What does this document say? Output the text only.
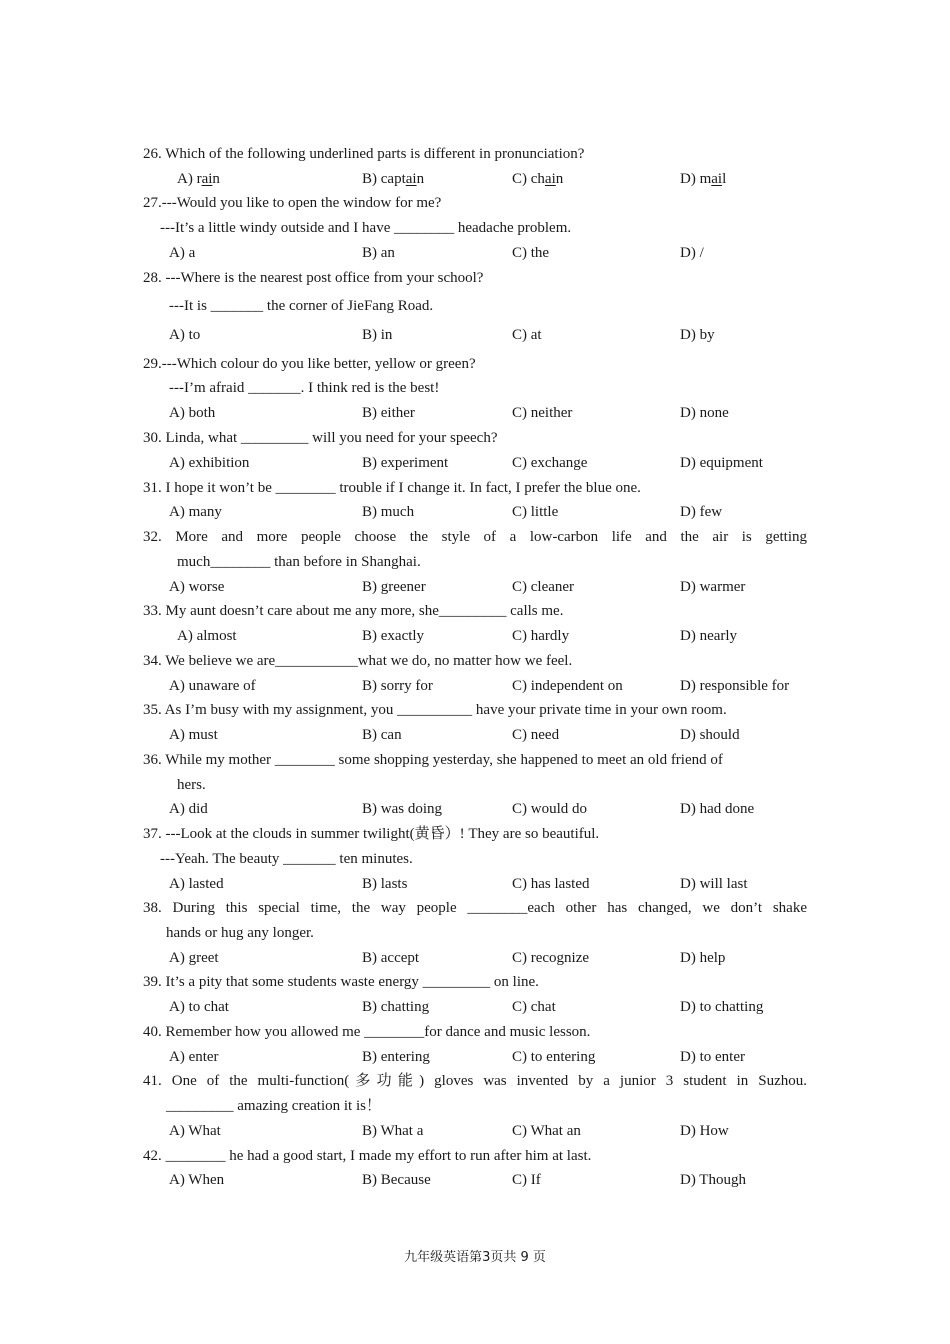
26. Which of the following underlined parts is different in pronunciation?
A) rain	B) captain	C) chain	D) mail
27.---Would you like to open the window for me?
---It’s a little windy outside and I have ________ headache problem.
A) a	B) an	C) the	D) /
28. ---Where is the nearest post office from your school?
---It is _______ the corner of JieFang Road.
A) to	B) in	C) at	D) by
29.---Which colour do you like better, yellow or green?
---I’m afraid _______. I think red is the best!
A) both	B) either	C) neither	D) none
30. Linda, what _________ will you need for your speech?
A) exhibition	B) experiment	C) exchange	D) equipment
31. I hope it won’t be ________ trouble if I change it. In fact, I prefer the blue one.
A) many	B) much	C) little	D) few
32. More and more people choose the style of a low-carbon life and the air is getting
much________ than before in Shanghai.
A) worse	B) greener	C) cleaner	D) warmer
33. My aunt doesn’t care about me any more, she_________ calls me.
A) almost	B) exactly	C) hardly	D) nearly
34. We believe we are___________what we do, no matter how we feel.
A) unaware of	B) sorry for	C) independent on	D) responsible for
35. As I’m busy with my assignment, you __________ have your private time in your own room.
A) must	B) can	C) need	D) should
36. While my mother ________ some shopping yesterday, she happened to meet an old friend of
hers.
A) did	B) was doing	C) would do	D) had done
37. ---Look at the clouds in summer twilight(黄昏）! They are so beautiful.
---Yeah. The beauty _______ ten minutes.
A) lasted	B) lasts	C) has lasted	D) will last
38. During this special time, the way people ________each other has changed, we don’t shake
hands or hug any longer.
A) greet	B) accept	C) recognize	D) help
39. It’s a pity that some students waste energy _________ on line.
A) to chat	B) chatting	C) chat	D) to chatting
40. Remember how you allowed me ________for dance and music lesson.
A) enter	B) entering	C) to entering	D) to enter
41. One of the multi-function(多功能) gloves was invented by a junior 3 student in Suzhou.
_________ amazing creation it is！
A) What	B) What a	C) What an	D) How
42. ________ he had a good start, I made my effort to run after him at last.
A) When	B) Because	C) If	D) Though
九年级英语第3页共 9 页
